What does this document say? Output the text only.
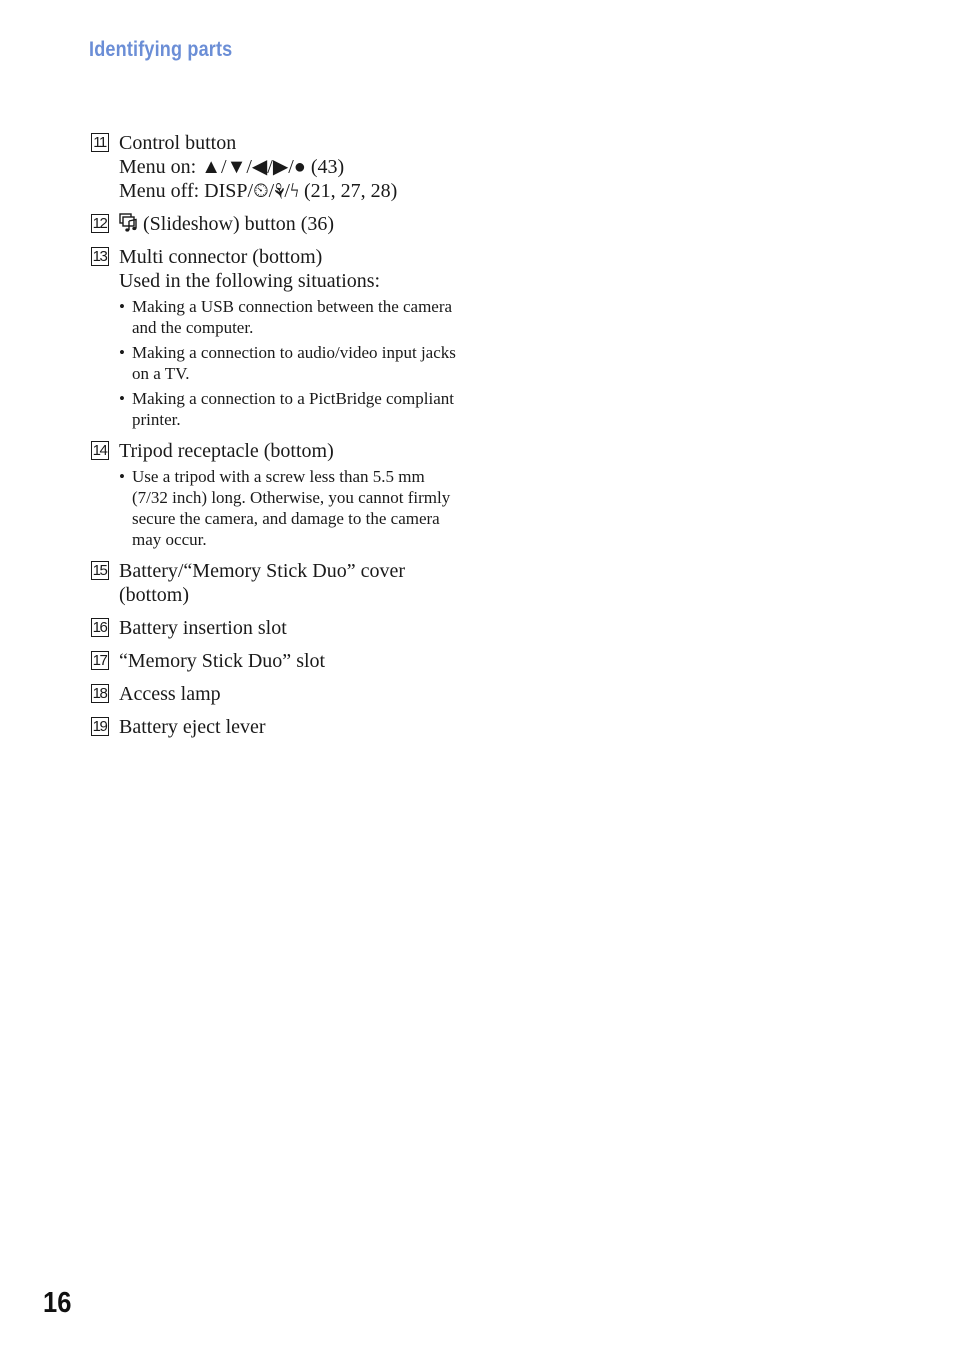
Identifying parts
11 Control button
Menu on: ▲/▼/◀/▶/● (43)
Menu off: DISP/⏲/⚘/ϟ (21, 27, 28)
12	(Slideshow) button (36)
13 Multi connector (bottom)
Used in the following situations:
• Making a USB connection between the camera and the computer.
• Making a connection to audio/video input jacks on a TV.
• Making a connection to a PictBridge compliant printer.
14 Tripod receptacle (bottom)
• Use a tripod with a screw less than 5.5 mm (7/32 inch) long. Otherwise, you cannot firmly secure the camera, and damage to the camera may occur.
15 Battery/“Memory Stick Duo” cover (bottom)
16 Battery insertion slot
17 “Memory Stick Duo” slot
18 Access lamp
19 Battery eject lever
16
